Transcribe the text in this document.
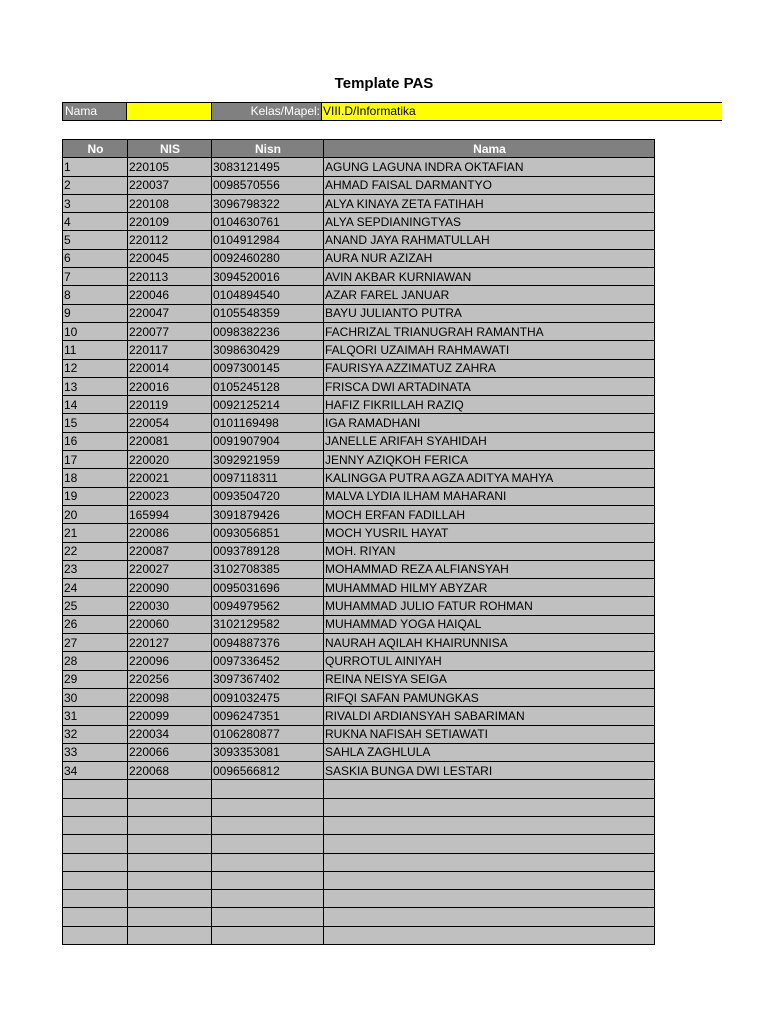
Template PAS
Nama	Kelas/Mapel: VIII.D/Informatika
No	NIS	Nisn	Nama
1	220105	3083121495	AGUNG LAGUNA INDRA OKTAFIAN
2	220037	0098570556	AHMAD FAISAL DARMANTYO
3	220108	3096798322	ALYA KINAYA ZETA FATIHAH
4	220109	0104630761	ALYA SEPDIANINGTYAS
5	220112	0104912984	ANAND JAYA RAHMATULLAH
6	220045	0092460280	AURA NUR AZIZAH
7	220113	3094520016	AVIN AKBAR KURNIAWAN
8	220046	0104894540	AZAR FAREL JANUAR
9	220047	0105548359	BAYU JULIANTO PUTRA
10	220077	0098382236	FACHRIZAL TRIANUGRAH RAMANTHA
11	220117	3098630429	FALQORI UZAIMAH RAHMAWATI
12	220014	0097300145	FAURISYA AZZIMATUZ ZAHRA
13	220016	0105245128	FRISCA DWI ARTADINATA
14	220119	0092125214	HAFIZ FIKRILLAH RAZIQ
15	220054	0101169498	IGA RAMADHANI
16	220081	0091907904	JANELLE ARIFAH SYAHIDAH
17	220020	3092921959	JENNY AZIQKOH FERICA
18	220021	0097118311	KALINGGA PUTRA AGZA ADITYA MAHYA
19	220023	0093504720	MALVA LYDIA ILHAM MAHARANI
20	165994	3091879426	MOCH ERFAN FADILLAH
21	220086	0093056851	MOCH YUSRIL HAYAT
22	220087	0093789128	MOH. RIYAN
23	220027	3102708385	MOHAMMAD REZA ALFIANSYAH
24	220090	0095031696	MUHAMMAD HILMY ABYZAR
25	220030	0094979562	MUHAMMAD JULIO FATUR ROHMAN
26	220060	3102129582	MUHAMMAD YOGA HAIQAL
27	220127	0094887376	NAURAH AQILAH KHAIRUNNISA
28	220096	0097336452	QURROTUL AINIYAH
29	220256	3097367402	REINA NEISYA SEIGA
30	220098	0091032475	RIFQI SAFAN PAMUNGKAS
31	220099	0096247351	RIVALDI ARDIANSYAH SABARIMAN
32	220034	0106280877	RUKNA NAFISAH SETIAWATI
33	220066	3093353081	SAHLA ZAGHLULA
34	220068	0096566812	SASKIA BUNGA DWI LESTARI
